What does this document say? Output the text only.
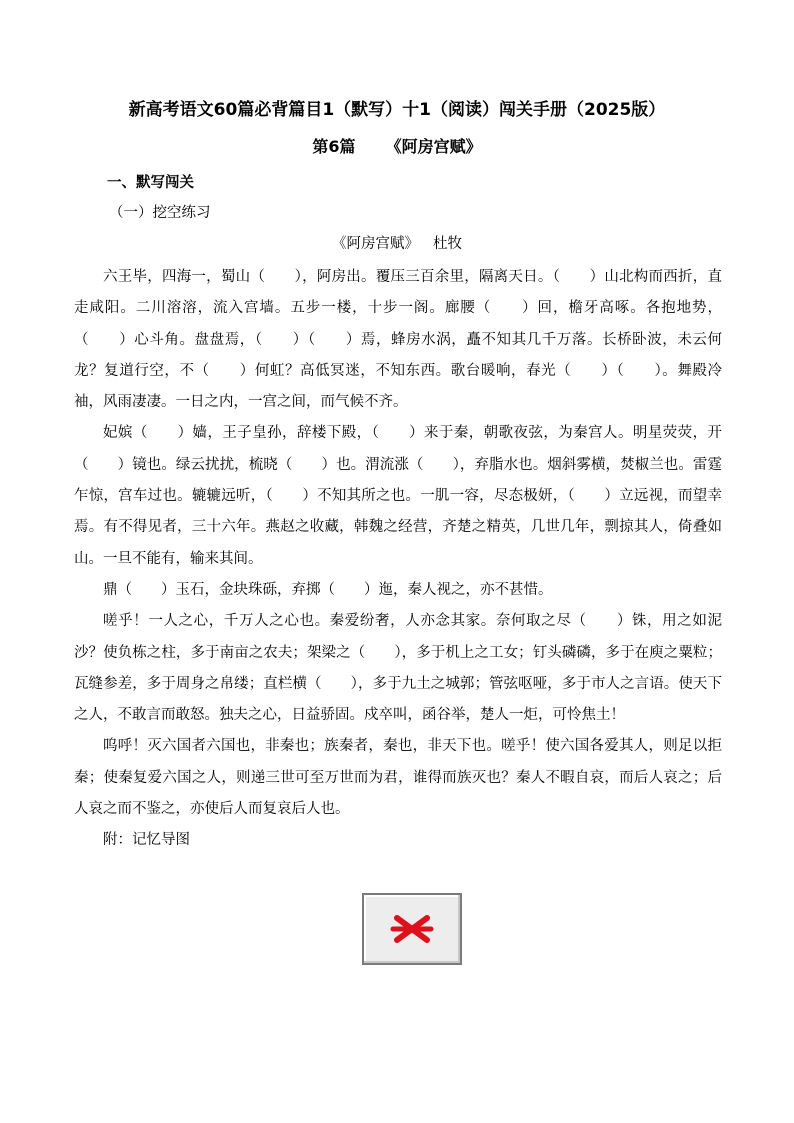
新高考语文60篇必背篇目1（默写）十1（阅读）闯关手册（2025版）
第6篇 《阿房宫赋》
一、默写闯关
（一）挖空练习
《阿房宫赋》 杜牧

六王毕，四海一，蜀山（　　），阿房出。覆压三百余里，隔离天日。（　　）山北构而西折，直走咸阳。二川溶溶，流入宫墙。五步一楼，十步一阁。廊腰（　　）回，檐牙高啄。各抱地势，（　　）心斗角。盘盘焉，（　　）（　　）焉，蜂房水涡，矗不知其几千万落。长桥卧波，未云何龙？复道行空，不（　　）何虹？高低冥迷，不知东西。歌台暖响，春光（　　）（　　）。舞殿冷袖，风雨凄凄。一日之内，一宫之间，而气候不齐。

妃嫔（　　）嫱，王子皇孙，辞楼下殿，（　　）来于秦，朝歌夜弦，为秦宫人。明星荧荧，开（　　）镜也。绿云扰扰，梳晓（　　）也。渭流涨（　　），弃脂水也。烟斜雾横，焚椒兰也。雷霆乍惊，宫车过也。辘辘远听，（　　）不知其所之也。一肌一容，尽态极妍，（　　）立远视，而望幸焉。有不得见者，三十六年。燕赵之收藏，韩魏之经营，齐楚之精英，几世几年，剽掠其人，倚叠如山。一旦不能有，输来其间。

鼎（　　）玉石，金块珠砾，弃掷（　　）迤，秦人视之，亦不甚惜。

嗟乎！一人之心，千万人之心也。秦爱纷奢，人亦念其家。奈何取之尽（　　）铢，用之如泥沙？使负栋之柱，多于南亩之农夫；架梁之（　　），多于机上之工女；钉头磷磷，多于在庾之粟粒；瓦缝参差，多于周身之帛缕；直栏横（　　），多于九土之城郭；管弦呕哑，多于市人之言语。使天下之人，不敢言而敢怒。独夫之心，日益骄固。戍卒叫，函谷举，楚人一炬，可怜焦土！

呜呼！灭六国者六国也，非秦也；族秦者，秦也，非天下也。嗟乎！使六国各爱其人，则足以拒秦；使秦复爱六国之人，则递三世可至万世而为君，谁得而族灭也？秦人不暇自哀，而后人哀之；后人哀之而不鉴之，亦使后人而复哀后人也。

附：记忆导图
